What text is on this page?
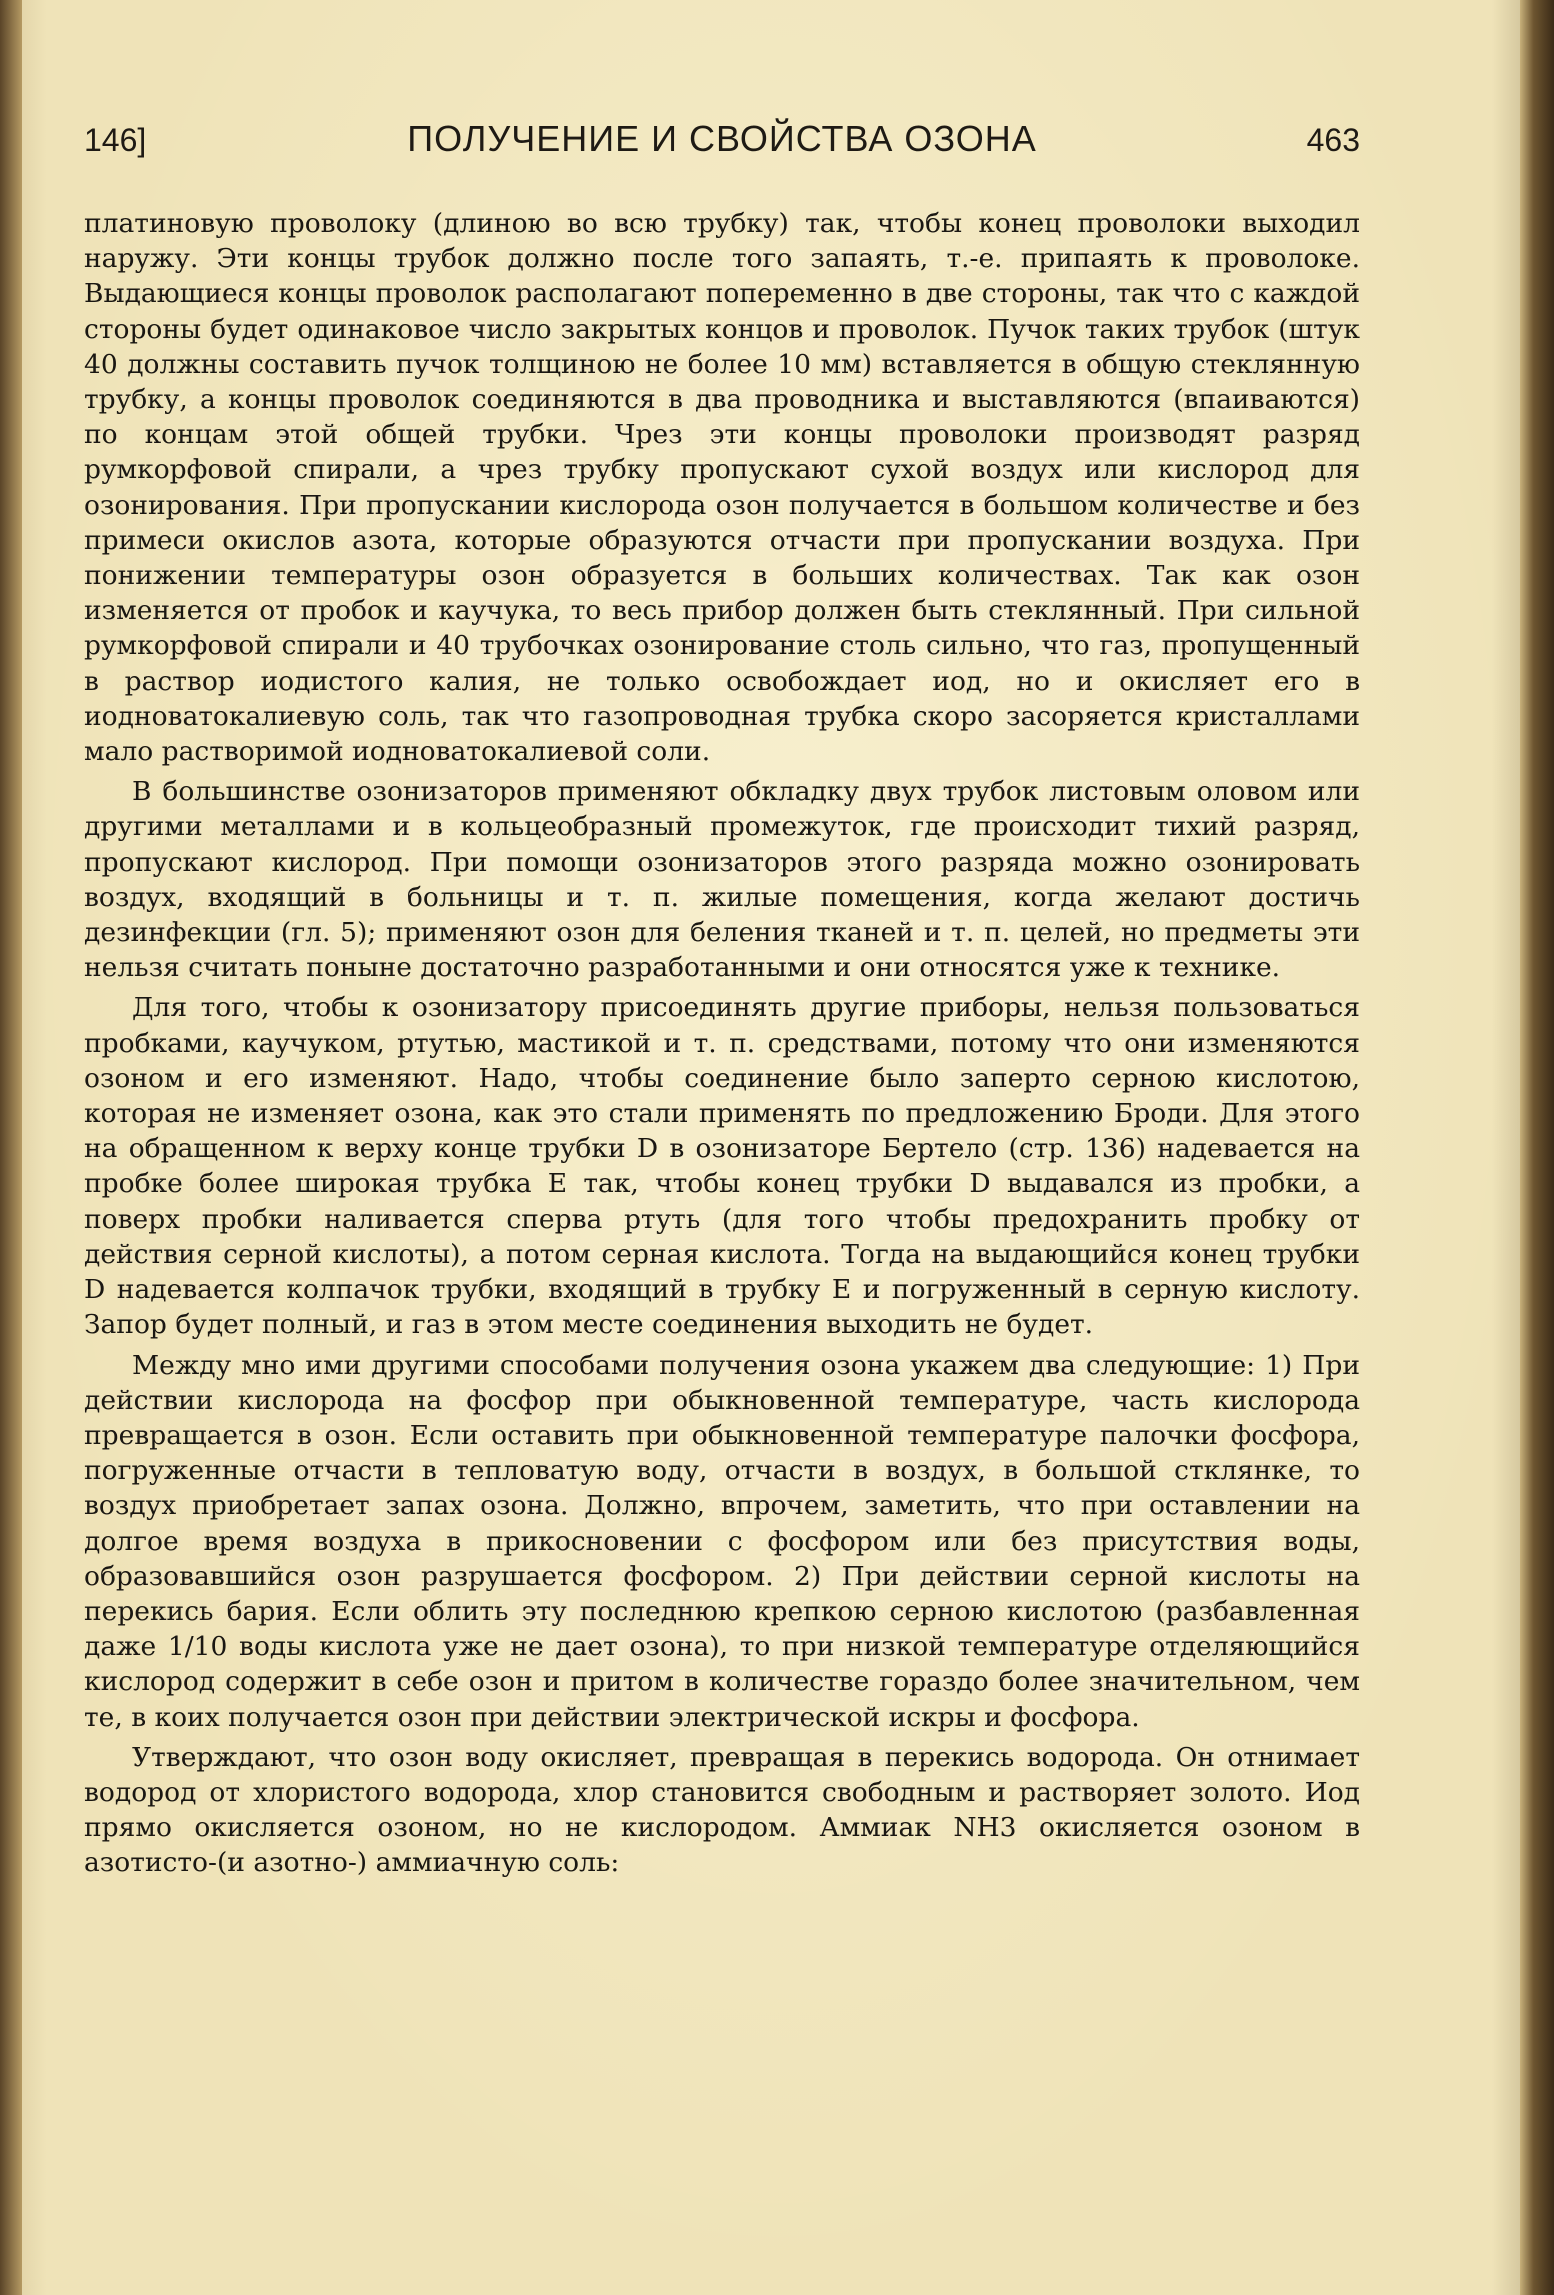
146]	ПОЛУЧЕНИЕ И СВОЙСТВА ОЗОНА	463

платиновую проволоку (длиною во всю трубку) так, чтобы конец проволоки выходил наружу. Эти концы трубок должно после того запаять, т.-е. припаять к проволоке. Выдающиеся концы проволок располагают попеременно в две стороны, так что с каждой стороны будет одинаковое число закрытых концов и проволок. Пучок таких трубок (штук 40 должны составить пучок толщиною не более 10 мм) вставляется в общую стеклянную трубку, а концы проволок соединяются в два проводника и выставляются (впаиваются) по концам этой общей трубки. Чрез эти концы проволоки производят разряд румкорфовой спирали, а чрез трубку пропускают сухой воздух или кислород для озонирования. При пропускании кислорода озон получается в большом количестве и без примеси окислов азота, которые образуются отчасти при пропускании воздуха. При понижении температуры озон образуется в больших количествах. Так как озон изменяется от пробок и каучука, то весь прибор должен быть стеклянный. При сильной румкорфовой спирали и 40 трубочках озонирование столь сильно, что газ, пропущенный в раствор иодистого калия, не только освобождает иод, но и окисляет его в иодноватокалиевую соль, так что газопроводная трубка скоро засоряется кристаллами мало растворимой иодноватокалиевой соли.

В большинстве озонизаторов применяют обкладку двух трубок листовым оловом или другими металлами и в кольцеобразный промежуток, где происходит тихий разряд, пропускают кислород. При помощи озонизаторов этого разряда можно озонировать воздух, входящий в больницы и т. п. жилые помещения, когда желают достичь дезинфекции (гл. 5); применяют озон для беления тканей и т. п. целей, но предметы эти нельзя считать поныне достаточно разработанными и они относятся уже к технике.

Для того, чтобы к озонизатору присоединять другие приборы, нельзя пользоваться пробками, каучуком, ртутью, мастикой и т. п. средствами, потому что они изменяются озоном и его изменяют. Надо, чтобы соединение было заперто серною кислотою, которая не изменяет озона, как это стали применять по предложению Броди. Для этого на обращенном к верху конце трубки D в озонизаторе Бертело (стр. 136) надевается на пробке более широкая трубка E так, чтобы конец трубки D выдавался из пробки, а поверх пробки наливается сперва ртуть (для того чтобы предохранить пробку от действия серной кислоты), а потом серная кислота. Тогда на выдающийся конец трубки D надевается колпачок трубки, входящий в трубку E и погруженный в серную кислоту. Запор будет полный, и газ в этом месте соединения выходить не будет.

Между мно ими другими способами получения озона укажем два следующие: 1) При действии кислорода на фосфор при обыкновенной температуре, часть кислорода превращается в озон. Если оставить при обыкновенной температуре палочки фосфора, погруженные отчасти в тепловатую воду, отчасти в воздух, в большой стклянке, то воздух приобретает запах озона. Должно, впрочем, заметить, что при оставлении на долгое время воздуха в прикосновении с фосфором или без присутствия воды, образовавшийся озон разрушается фосфором. 2) При действии серной кислоты на перекись бария. Если облить эту последнюю крепкою серною кислотою (разбавленная даже 1/10 воды кислота уже не дает озона), то при низкой температуре отделяющийся кислород содержит в себе озон и притом в количестве гораздо более значительном, чем те, в коих получается озон при действии электрической искры и фосфора.

Утверждают, что озон воду окисляет, превращая в перекись водорода. Он отнимает водород от хлористого водорода, хлор становится свободным и растворяет золото. Иод прямо окисляется озоном, но не кислородом. Аммиак NH3 окисляется озоном в азотисто-(и азотно-) аммиачную соль:
